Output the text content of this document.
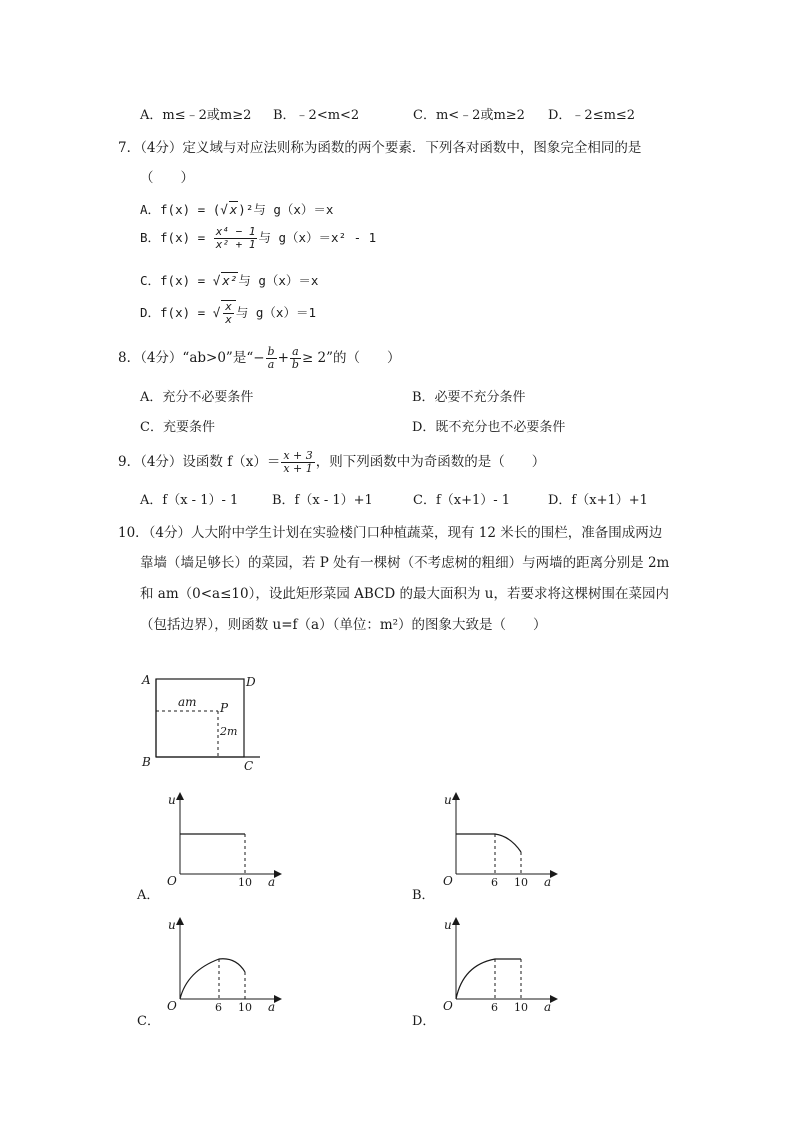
A．m≤﹣2或m≥2 B．﹣2<m<2	C．m<﹣2或m≥2 D．﹣2≤m≤2
7．（4分）定义域与对应法则称为函数的两个要素．下列各对函数中，图象完全相同的是
（　　）
A．f(x) = (√ x)²与 g（x）＝x
B．$f(x) = \frac{\text{x⁴ − 1}}{\text{x² + 1}}$ 与 g（x）＝x² - 1
C．f(x) = √ x²与 g（x）＝x
D．f(x) = √ $\frac{x}{x}$ 与 g（x）＝1
8．（4分）“ab>0”是“− $\frac{b}{a} + \frac{a}{b} \ge 2$”的（　　）
A．充分不必要条件	B．必要不充分条件
C．充要条件	D．既不充分也不必要条件
9．（4分）设函数 $f(x)= \frac{x + 3}{x + 1}$ ，则下列函数中为奇函数的是（　　）
A．f（x - 1）- 1	B．f（x - 1）+1	C．f（x+1）- 1	D．f（x+1）+1
10．（4分）人大附中学生计划在实验楼门口种植蔬菜，现有 12 米长的围栏，准备围成两边
靠墙（墙足够长）的菜园，若 P 处有一棵树（不考虑树的粗细）与两墙的距离分别是 2m
和 am（0<a≤10），设此矩形菜园 ABCD 的最大面积为 u，若要求将这棵树围在菜园内
（包括边界），则函数 u=f（a）（单位：m²）的图象大致是（　　）
A	D
B	C
P
am
2m
u
O	10 a
A．
u
O	6 10 a
B．
u
O	6 10 a
C．
u
O	6 10 a
D．
